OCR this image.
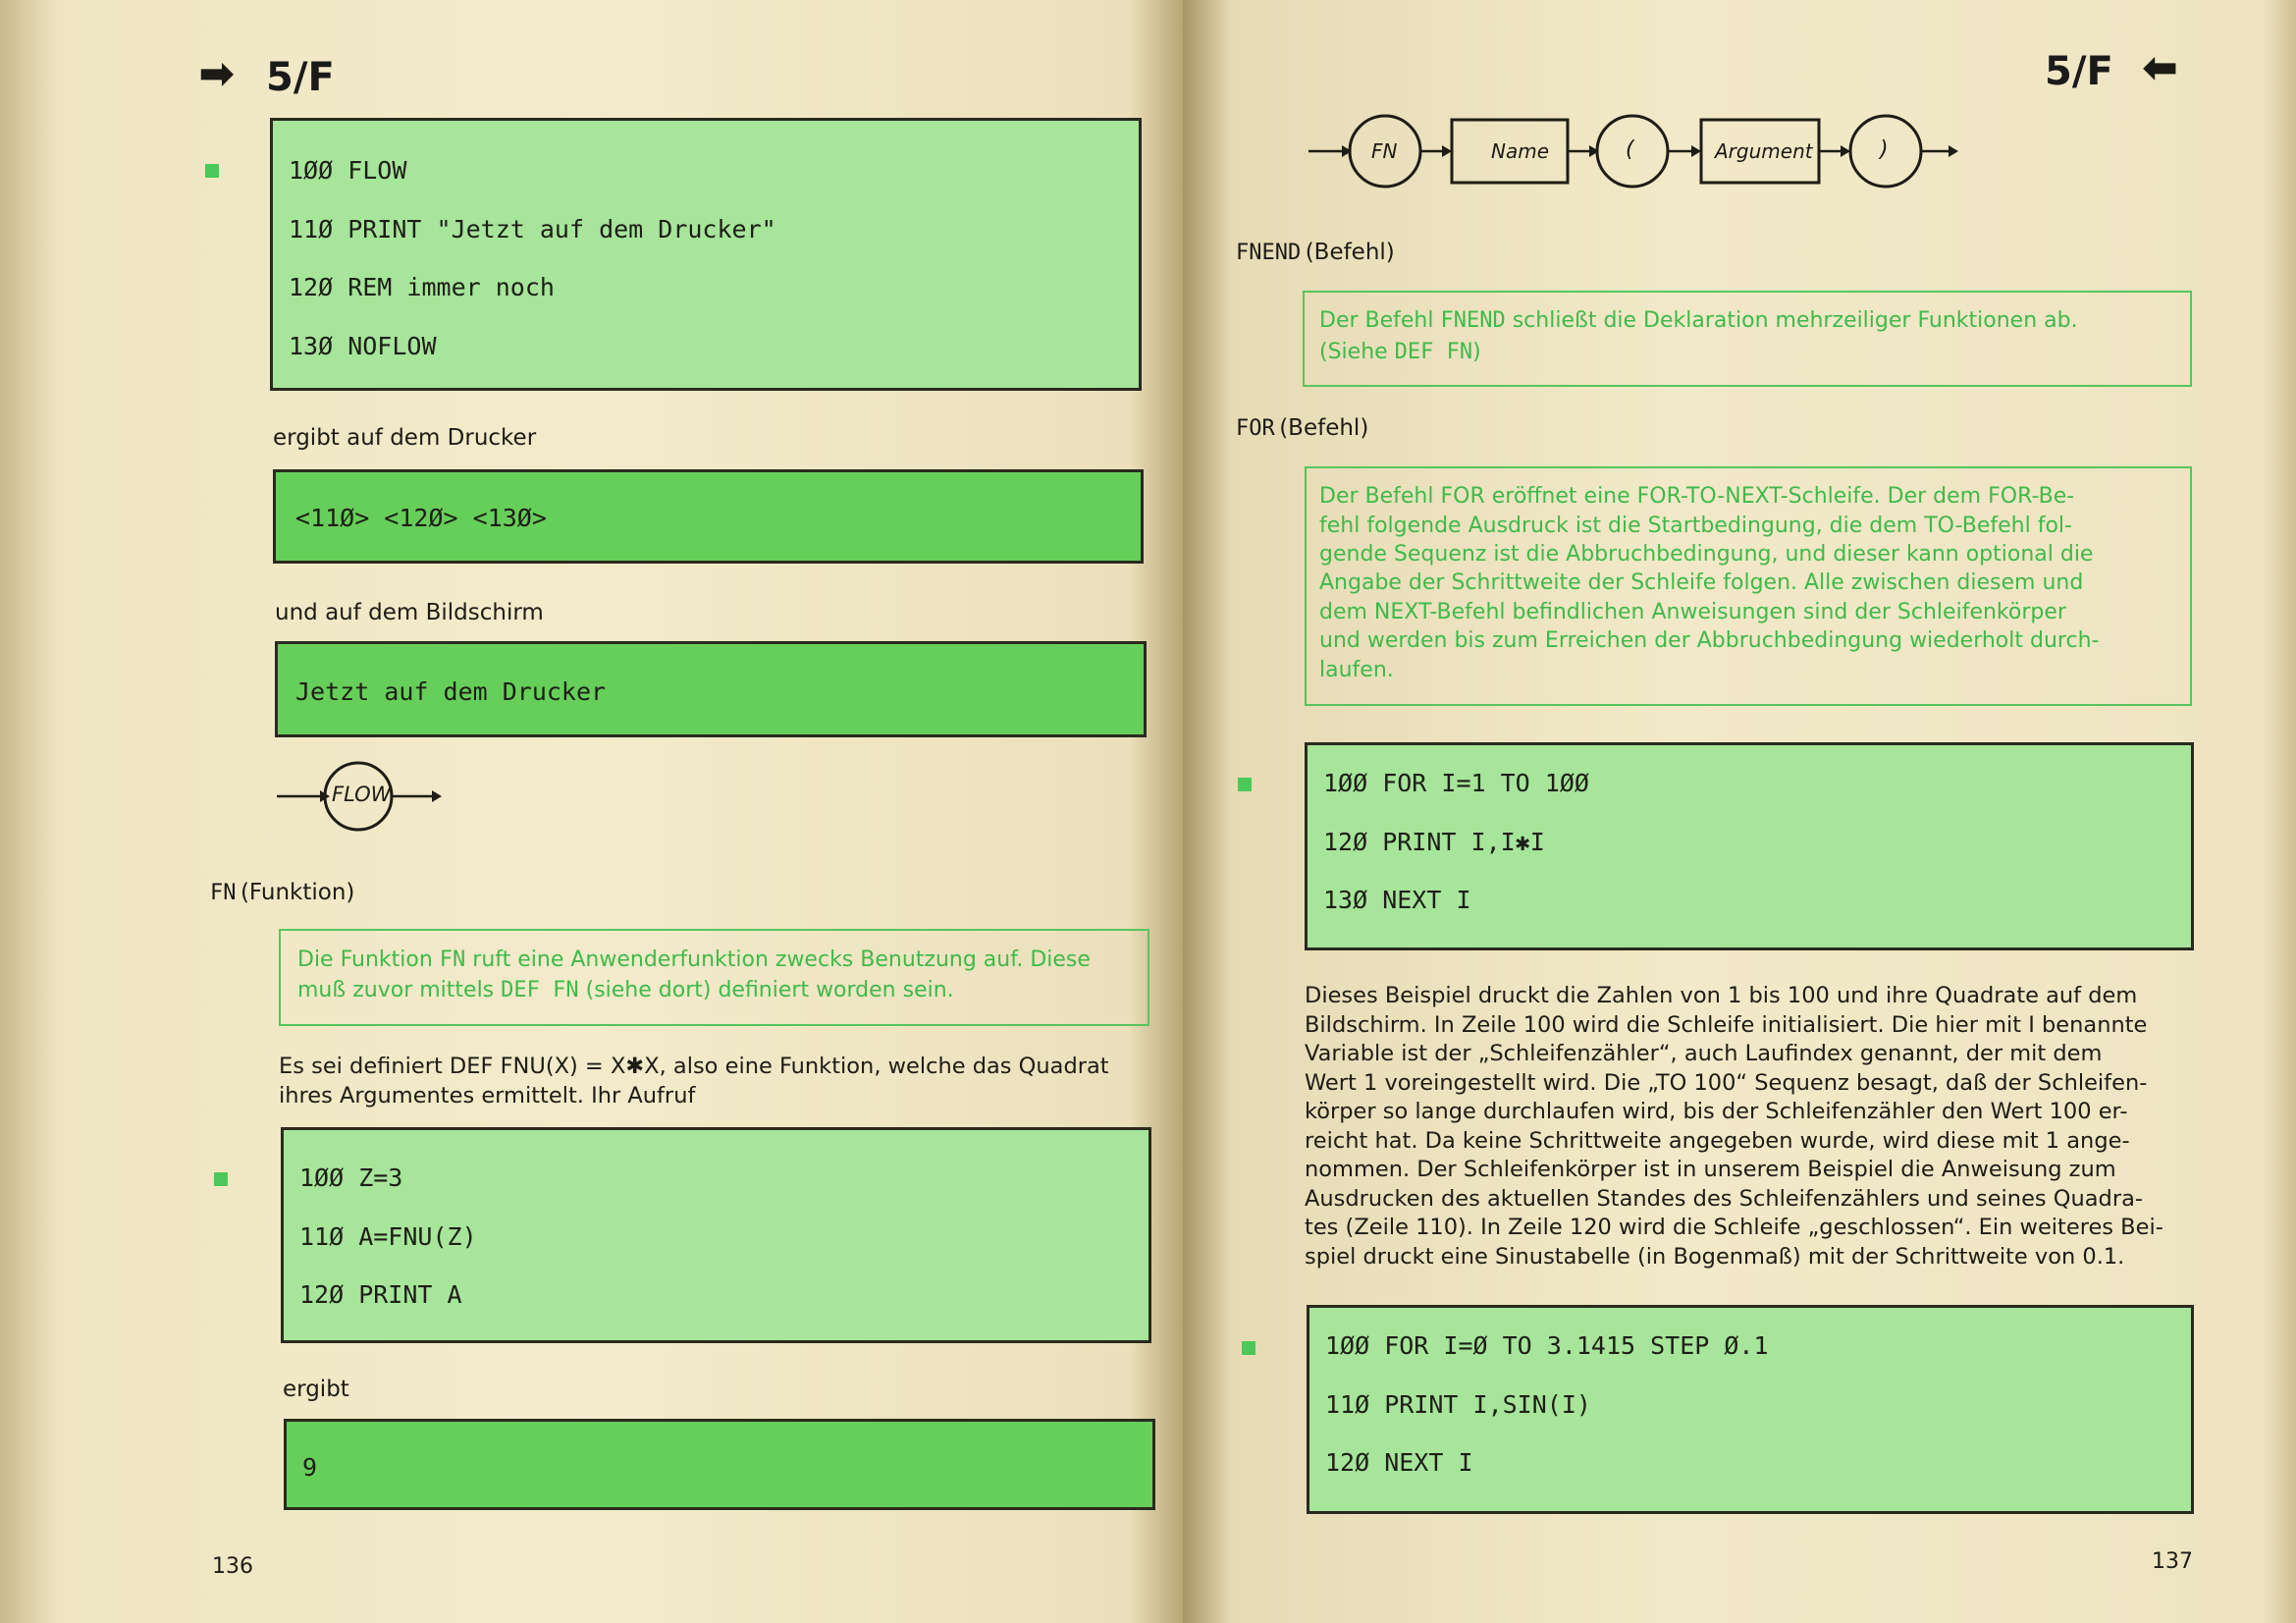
➡ 5/F
1ØØ FLOW
11Ø PRINT "Jetzt auf dem Drucker"
12Ø REM immer noch
13Ø NOFLOW
ergibt auf dem Drucker
<11Ø> <12Ø> <13Ø>
und auf dem Bildschirm
Jetzt auf dem Drucker
FLOW
FN (Funktion)
Die Funktion FN ruft eine Anwenderfunktion zwecks Benutzung auf. Diese
muß zuvor mittels DEF FN (siehe dort) definiert worden sein.
Es sei definiert DEF FNU(X) = X✱X, also eine Funktion, welche das Quadrat
ihres Argumentes ermittelt. Ihr Aufruf
1ØØ Z=3
11Ø A=FNU(Z)
12Ø PRINT A
ergibt
9
136
5/F ⬅
FN	Name	(	Argument	)
FNEND (Befehl)
Der Befehl FNEND schließt die Deklaration mehrzeiliger Funktionen ab.
(Siehe DEF FN)
FOR (Befehl)
Der Befehl FOR eröffnet eine FOR-TO-NEXT-Schleife. Der dem FOR-Be-
fehl folgende Ausdruck ist die Startbedingung, die dem TO-Befehl fol-
gende Sequenz ist die Abbruchbedingung, und dieser kann optional die
Angabe der Schrittweite der Schleife folgen. Alle zwischen diesem und
dem NEXT-Befehl befindlichen Anweisungen sind der Schleifenkörper
und werden bis zum Erreichen der Abbruchbedingung wiederholt durch-
laufen.
1ØØ FOR I=1 TO 1ØØ
12Ø PRINT I,I✱I
13Ø NEXT I
Dieses Beispiel druckt die Zahlen von 1 bis 100 und ihre Quadrate auf dem
Bildschirm. In Zeile 100 wird die Schleife initialisiert. Die hier mit I benannte
Variable ist der „Schleifenzähler“, auch Laufindex genannt, der mit dem
Wert 1 voreingestellt wird. Die „TO 100“ Sequenz besagt, daß der Schleifen-
körper so lange durchlaufen wird, bis der Schleifenzähler den Wert 100 er-
reicht hat. Da keine Schrittweite angegeben wurde, wird diese mit 1 ange-
nommen. Der Schleifenkörper ist in unserem Beispiel die Anweisung zum
Ausdrucken des aktuellen Standes des Schleifenzählers und seines Quadra-
tes (Zeile 110). In Zeile 120 wird die Schleife „geschlossen“. Ein weiteres Bei-
spiel druckt eine Sinustabelle (in Bogenmaß) mit der Schrittweite von 0.1.
1ØØ FOR I=Ø TO 3.1415 STEP Ø.1
11Ø PRINT I,SIN(I)
12Ø NEXT I
137
